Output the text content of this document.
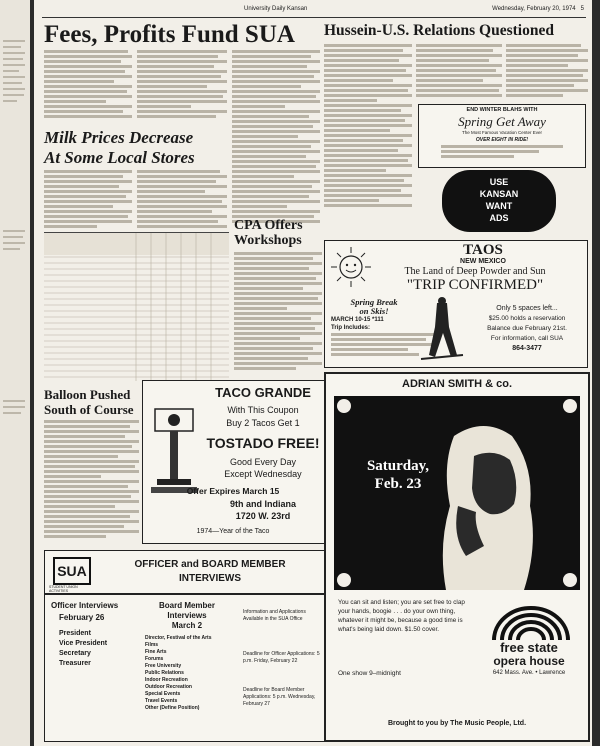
University Daily Kansan	Wednesday, February 20, 1974 5
Fees, Profits Fund SUA
Milk Prices Decrease
At Some Local Stores
Balloon Pushed
South of Course
CPA Offers
Workshops
TACO GRANDE
With This Coupon
Buy 2 Tacos Get 1
TOSTADO FREE!
Good Every Day
Except Wednesday
Offer Expires March 15
9th and Indiana
1720 W. 23rd
1974—Year of the Taco
SUA
STUDENT UNION ACTIVITIES
OFFICER and BOARD MEMBER
INTERVIEWS
Officer Interviews
February 26
President
Vice President
Secretary
Treasurer
Board Member
Interviews
March 2
Director, Festival of the Arts
Films
Fine Arts
Forums
Free University
Public Relations
Indoor Recreation
Outdoor Recreation
Special Events
Travel Events
Other (Define Position)
Information and Applications Available in the SUA Office
Deadline for Officer Applications: 5 p.m. Friday, February 22
Deadline for Board Member Applications: 5 p.m. Wednesday, February 27
Hussein-U.S. Relations Questioned
END WINTER BLAHS WITH
Spring Get Away
The Most Famous Vacation Center Ever
OVER EIGHT IN RIDE!
USE
KANSAN
WANT
ADS
TAOS
NEW MEXICO
The Land of Deep Powder and Sun
"TRIP CONFIRMED"
Spring Break
on Skis!
MARCH 10-15 *111
Trip Includes:
Only 5 spaces left...
$25.00 holds a reservation
Balance due February 21st.
For information, call SUA
864-3477
ADRIAN SMITH & co.
Saturday,
Feb. 23
You can sit and listen; you are set free to clap your hands, boogie . . . do your own thing, whatever it might be, because a good time is what's being laid down. $1.50 cover.
One show 9–midnight
free state
opera house
642 Mass. Ave. • Lawrence
Brought to you by The Music People, Ltd.
